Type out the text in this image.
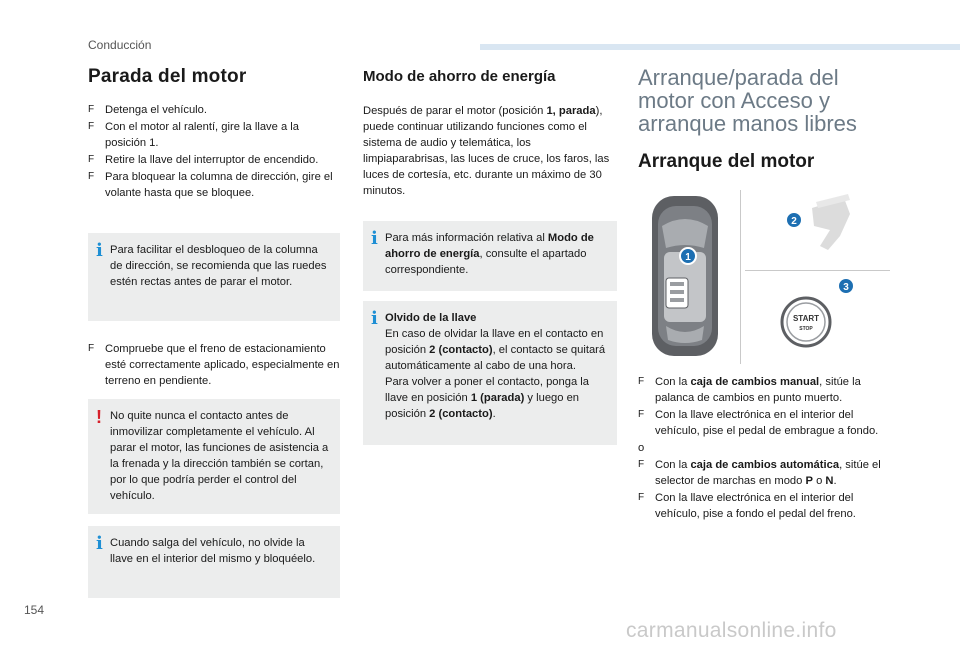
Conducción
Parada del motor
F Detenga el vehículo.
F Con el motor al ralentí, gire la llave a la posición 1.
F Retire la llave del interruptor de encendido.
F Para bloquear la columna de dirección, gire el volante hasta que se bloquee.
i Para facilitar el desbloqueo de la columna de dirección, se recomienda que las ruedes estén rectas antes de parar el motor.
F Compruebe que el freno de estacionamiento esté correctamente aplicado, especialmente en terreno en pendiente.
! No quite nunca el contacto antes de inmovilizar completamente el vehículo. Al parar el motor, las funciones de asistencia a la frenada y la dirección también se cortan, por lo que podría perder el control del vehículo.
i Cuando salga del vehículo, no olvide la llave en el interior del mismo y bloquéelo.
Modo de ahorro de energía

Después de parar el motor (posición 1, parada), puede continuar utilizando funciones como el sistema de audio y telemática, los limpiaparabrisas, las luces de cruce, los faros, las luces de cortesía, etc. durante un máximo de 30 minutos.

i Para más información relativa al Modo de ahorro de energía, consulte el apartado correspondiente.
i Olvido de la llave
En caso de olvidar la llave en el contacto en posición 2 (contacto), el contacto se quitará automáticamente al cabo de una hora.
Para volver a poner el contacto, ponga la llave en posición 1 (parada) y luego en posición 2 (contacto).
Arranque/parada del motor con Acceso y arranque manos libres
Arranque del motor
1
2
START
STOP
3
F Con la caja de cambios manual, sitúe la palanca de cambios en punto muerto.
F Con la llave electrónica en el interior del vehículo, pise el pedal de embrague a fondo.
o
F Con la caja de cambios automática, sitúe el selector de marchas en modo P o N.
F Con la llave electrónica en el interior del vehículo, pise a fondo el pedal del freno.
154
carmanualsonline.info
